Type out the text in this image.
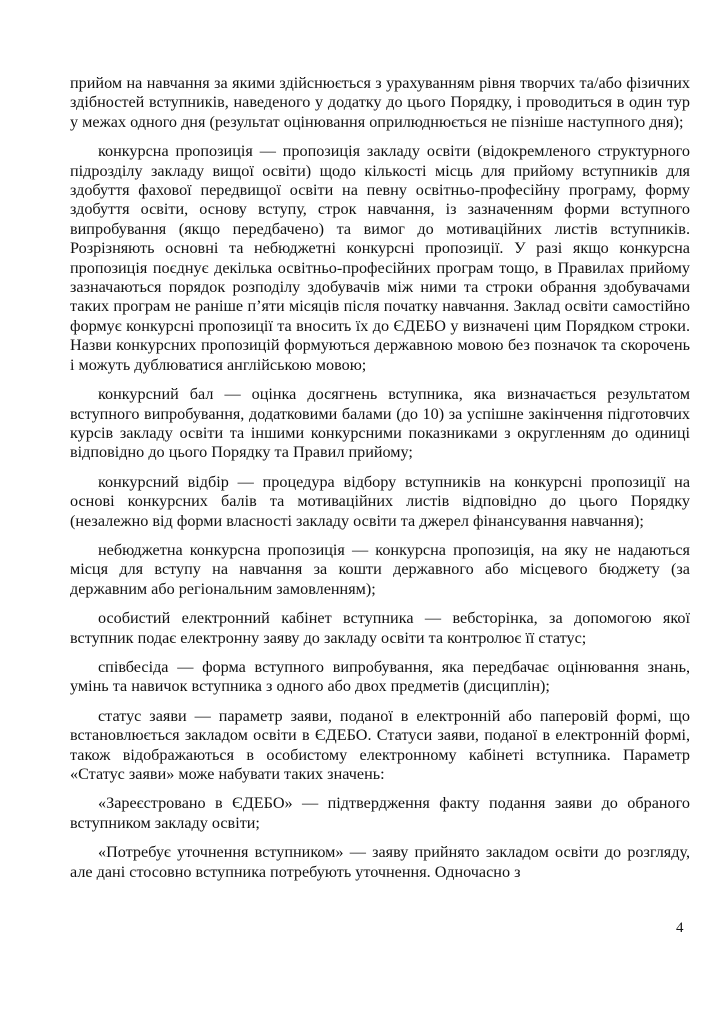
прийом на навчання за якими здійснюється з урахуванням рівня творчих та/або фізичних здібностей вступників, наведеного у додатку до цього Порядку, і проводиться в один тур у межах одного дня (результат оцінювання оприлюднюється не пізніше наступного дня);

конкурсна пропозиція — пропозиція закладу освіти (відокремленого структурного підрозділу закладу вищої освіти) щодо кількості місць для прийому вступників для здобуття фахової передвищої освіти на певну освітньо-професійну програму, форму здобуття освіти, основу вступу, строк навчання, із зазначенням форми вступного випробування (якщо передбачено) та вимог до мотиваційних листів вступників. Розрізняють основні та небюджетні конкурсні пропозиції. У разі якщо конкурсна пропозиція поєднує декілька освітньо-професійних програм тощо, в Правилах прийому зазначаються порядок розподілу здобувачів між ними та строки обрання здобувачами таких програм не раніше п’яти місяців після початку навчання. Заклад освіти самостійно формує конкурсні пропозиції та вносить їх до ЄДЕБО у визначені цим Порядком строки. Назви конкурсних пропозицій формуються державною мовою без позначок та скорочень і можуть дублюватися англійською мовою;

конкурсний бал — оцінка досягнень вступника, яка визначається результатом вступного випробування, додатковими балами (до 10) за успішне закінчення підготовчих курсів закладу освіти та іншими конкурсними показниками з округленням до одиниці відповідно до цього Порядку та Правил прийому;

конкурсний відбір — процедура відбору вступників на конкурсні пропозиції на основі конкурсних балів та мотиваційних листів відповідно до цього Порядку (незалежно від форми власності закладу освіти та джерел фінансування навчання);

небюджетна конкурсна пропозиція — конкурсна пропозиція, на яку не надаються місця для вступу на навчання за кошти державного або місцевого бюджету (за державним або регіональним замовленням);

особистий електронний кабінет вступника — вебсторінка, за допомогою якої вступник подає електронну заяву до закладу освіти та контролює її статус;

співбесіда — форма вступного випробування, яка передбачає оцінювання знань, умінь та навичок вступника з одного або двох предметів (дисциплін);

статус заяви — параметр заяви, поданої в електронній або паперовій формі, що встановлюється закладом освіти в ЄДЕБО. Статуси заяви, поданої в електронній формі, також відображаються в особистому електронному кабінеті вступника. Параметр «Статус заяви» може набувати таких значень:

«Зареєстровано в ЄДЕБО» — підтвердження факту подання заяви до обраного вступником закладу освіти;

«Потребує уточнення вступником» — заяву прийнято закладом освіти до розгляду, але дані стосовно вступника потребують уточнення. Одночасно з

4
